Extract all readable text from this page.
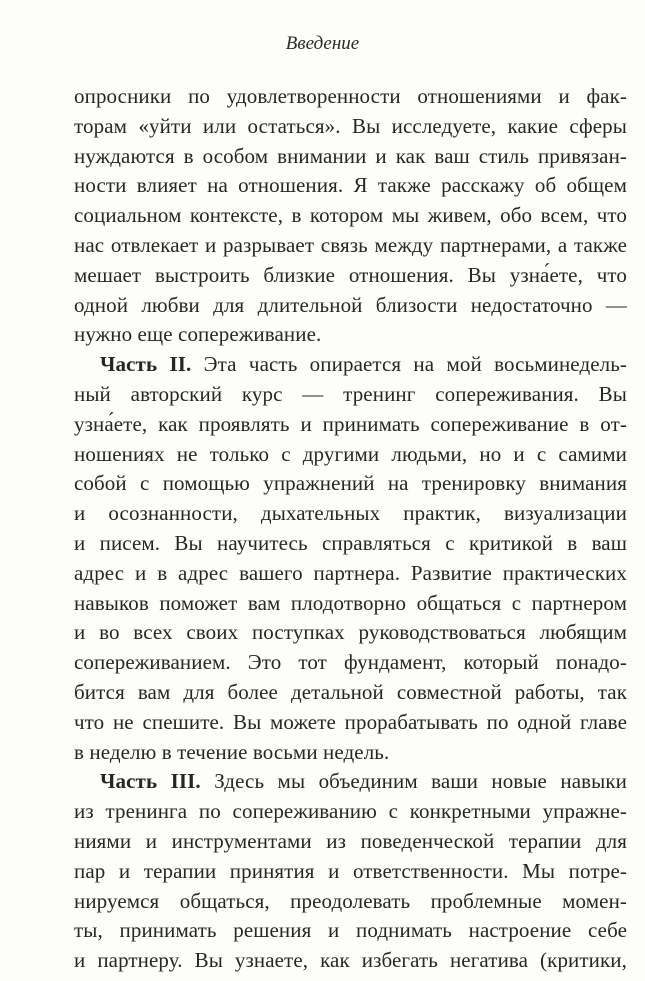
Введение
опросники по удовлетворенности отношениями и фак-
торам «уйти или остаться». Вы исследуете, какие сферы
нуждаются в особом внимании и как ваш стиль привязан-
ности влияет на отношения. Я также расскажу об общем
социальном контексте, в котором мы живем, обо всем, что
нас отвлекает и разрывает связь между партнерами, а также
мешает выстроить близкие отношения. Вы узна́ете, что
одной любви для длительной близости недостаточно —
нужно еще сопереживание.
Часть II. Эта часть опирается на мой восьминедель-
ный авторский курс — тренинг сопереживания. Вы
узна́ете, как проявлять и принимать сопереживание в от-
ношениях не только с другими людьми, но и с самими
собой с помощью упражнений на тренировку внимания
и осознанности, дыхательных практик, визуализации
и писем. Вы научитесь справляться с критикой в ваш
адрес и в адрес вашего партнера. Развитие практических
навыков поможет вам плодотворно общаться с партнером
и во всех своих поступках руководствоваться любящим
сопереживанием. Это тот фундамент, который понадо-
бится вам для более детальной совместной работы, так
что не спешите. Вы можете прорабатывать по одной главе
в неделю в течение восьми недель.
Часть III. Здесь мы объединим ваши новые навыки
из тренинга по сопереживанию с конкретными упражне-
ниями и инструментами из поведенческой терапии для
пар и терапии принятия и ответственности. Мы потре-
нируемся общаться, преодолевать проблемные момен-
ты, принимать решения и поднимать настроение себе
и партнеру. Вы узнаете, как избегать негатива (критики,
